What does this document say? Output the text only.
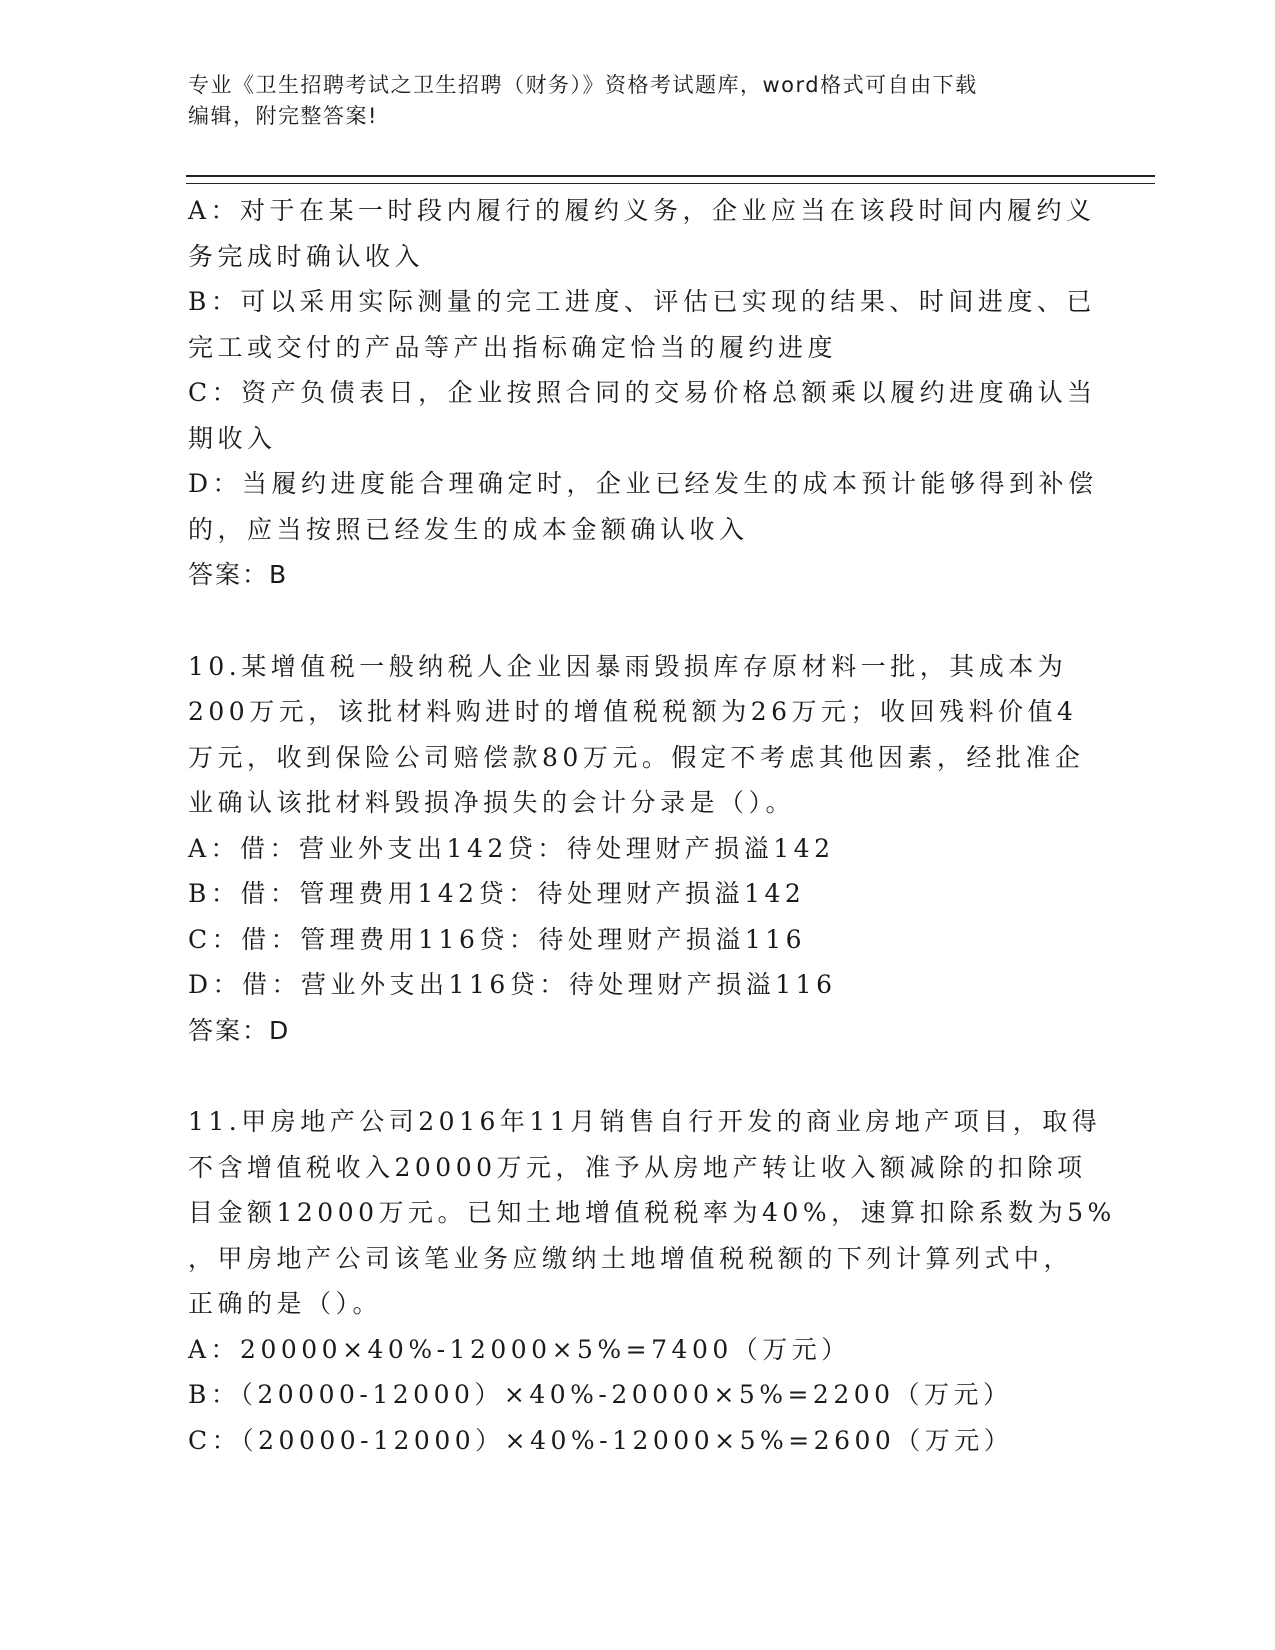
专业《卫生招聘考试之卫生招聘（财务）》资格考试题库，word格式可自由下载
编辑，附完整答案!
A：对于在某一时段内履行的履约义务，企业应当在该段时间内履约义
务完成时确认收入
B：可以采用实际测量的完工进度、评估已实现的结果、时间进度、已
完工或交付的产品等产出指标确定恰当的履约进度
C：资产负债表日，企业按照合同的交易价格总额乘以履约进度确认当
期收入
D：当履约进度能合理确定时，企业已经发生的成本预计能够得到补偿
的，应当按照已经发生的成本金额确认收入
答案：B
10.某增值税一般纳税人企业因暴雨毁损库存原材料一批，其成本为
200万元，该批材料购进时的增值税税额为26万元；收回残料价值4
万元，收到保险公司赔偿款80万元。假定不考虑其他因素，经批准企
业确认该批材料毁损净损失的会计分录是（）。
A：借：营业外支出142贷：待处理财产损溢142
B：借：管理费用142贷：待处理财产损溢142
C：借：管理费用116贷：待处理财产损溢116
D：借：营业外支出116贷：待处理财产损溢116
答案：D
11.甲房地产公司2016年11月销售自行开发的商业房地产项目，取得
不含增值税收入20000万元，准予从房地产转让收入额减除的扣除项
目金额12000万元。已知土地增值税税率为40%，速算扣除系数为5%
，甲房地产公司该笔业务应缴纳土地增值税税额的下列计算列式中，
正确的是（）。
A：20000×40%-12000×5%=7400（万元）
B：（20000-12000）×40%-20000×5%=2200（万元）
C：（20000-12000）×40%-12000×5%=2600（万元）
